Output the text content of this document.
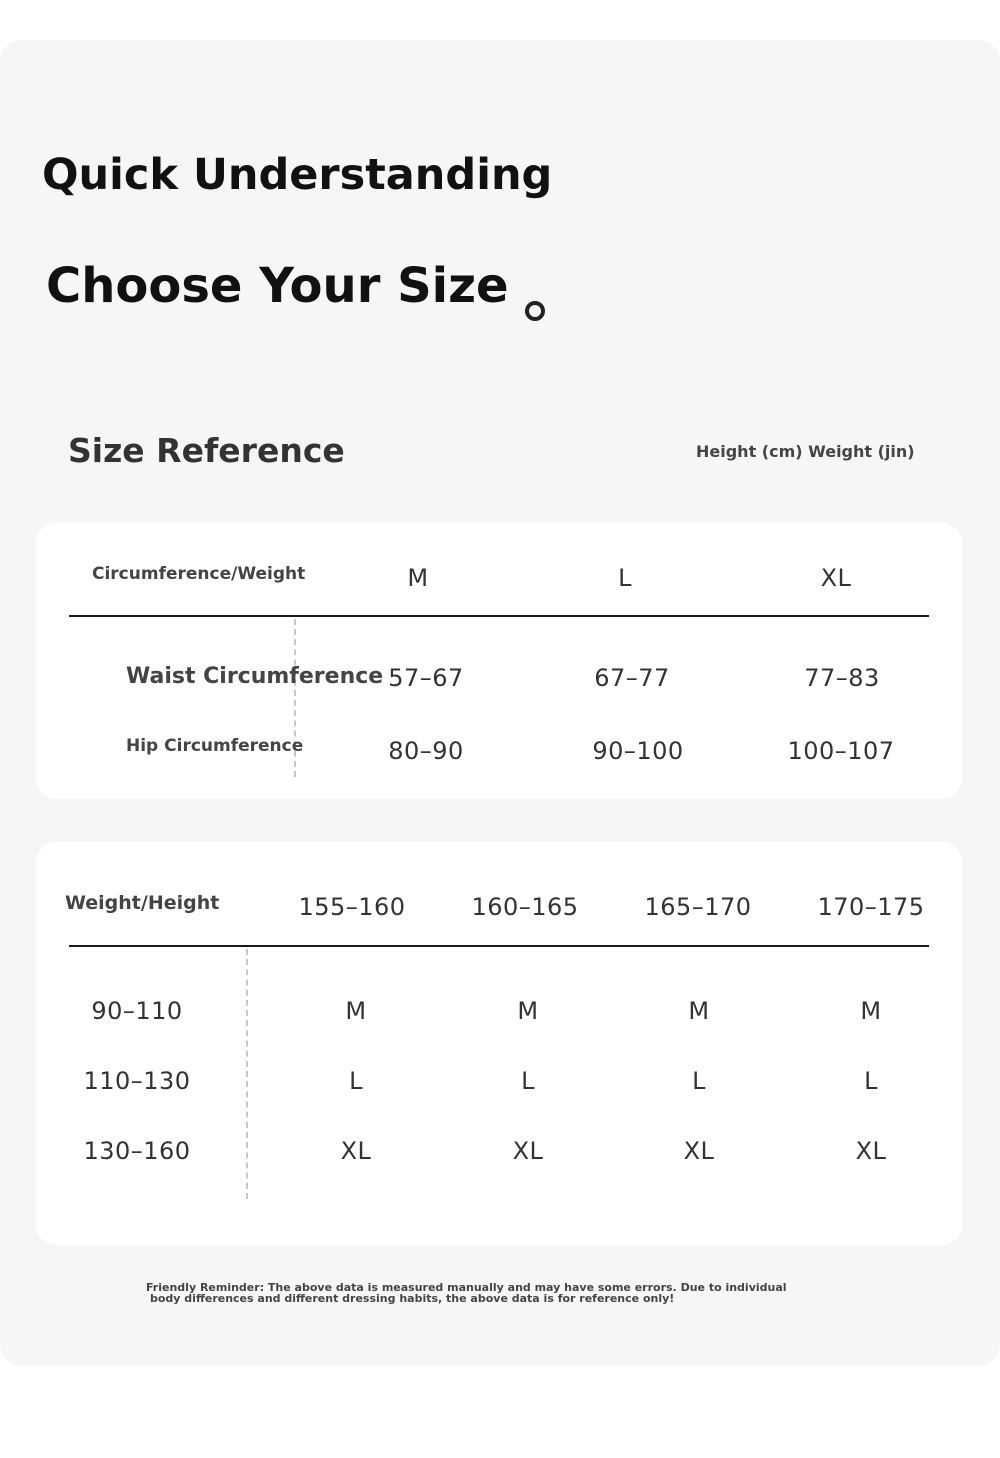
Quick Understanding
Choose Your Size
Size Reference	Height (cm) Weight (jin)
Circumference/Weight	M	L	XL
Waist Circumference 57–67	67–77	77–83
Hip Circumference	80–90	90–100	100–107
Weight/Height	155–160	160–165	165–170	170–175
90–110	M	M	M	M
110–130	L	L	L	L
130–160	XL	XL	XL	XL
Friendly Reminder: The above data is measured manually and may have some errors. Due to individual
body differences and different dressing habits, the above data is for reference only!
